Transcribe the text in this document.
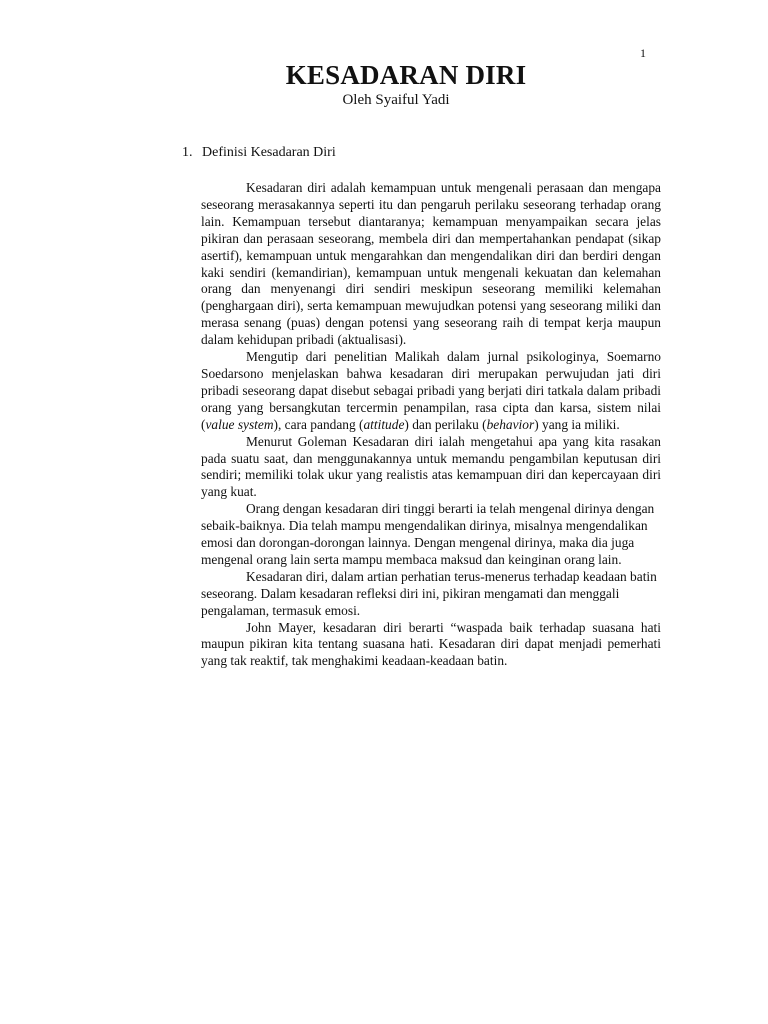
1
KESADARAN DIRI
Oleh Syaiful Yadi
1. Definisi Kesadaran Diri

Kesadaran diri adalah kemampuan untuk mengenali perasaan dan mengapa seseorang merasakannya seperti itu dan pengaruh perilaku seseorang terhadap orang lain. Kemampuan tersebut diantaranya; kemampuan menyampaikan secara jelas pikiran dan perasaan seseorang, membela diri dan mempertahankan pendapat (sikap asertif), kemampuan untuk mengarahkan dan mengendalikan diri dan berdiri dengan kaki sendiri (kemandirian), kemampuan untuk mengenali kekuatan dan kelemahan orang dan menyenangi diri sendiri meskipun seseorang memiliki kelemahan (penghargaan diri), serta kemampuan mewujudkan potensi yang seseorang miliki dan merasa senang (puas) dengan potensi yang seseorang raih di tempat kerja maupun dalam kehidupan pribadi (aktualisasi).

Mengutip dari penelitian Malikah dalam jurnal psikologinya, Soemarno Soedarsono menjelaskan bahwa kesadaran diri merupakan perwujudan jati diri pribadi seseorang dapat disebut sebagai pribadi yang berjati diri tatkala dalam pribadi orang yang bersangkutan tercermin penampilan, rasa cipta dan karsa, sistem nilai (value system), cara pandang (attitude) dan perilaku (behavior) yang ia miliki.

Menurut Goleman Kesadaran diri ialah mengetahui apa yang kita rasakan pada suatu saat, dan menggunakannya untuk memandu pengambilan keputusan diri sendiri; memiliki tolak ukur yang realistis atas kemampuan diri dan kepercayaan diri yang kuat.

Orang dengan kesadaran diri tinggi berarti ia telah mengenal dirinya dengan sebaik-baiknya. Dia telah mampu mengendalikan dirinya, misalnya mengendalikan emosi dan dorongan-dorongan lainnya. Dengan mengenal dirinya, maka dia juga mengenal orang lain serta mampu membaca maksud dan keinginan orang lain.

Kesadaran diri, dalam artian perhatian terus-menerus terhadap keadaan batin seseorang. Dalam kesadaran refleksi diri ini, pikiran mengamati dan menggali pengalaman, termasuk emosi.

John Mayer, kesadaran diri berarti “waspada baik terhadap suasana hati maupun pikiran kita tentang suasana hati. Kesadaran diri dapat menjadi pemerhati yang tak reaktif, tak menghakimi keadaan-keadaan batin.
